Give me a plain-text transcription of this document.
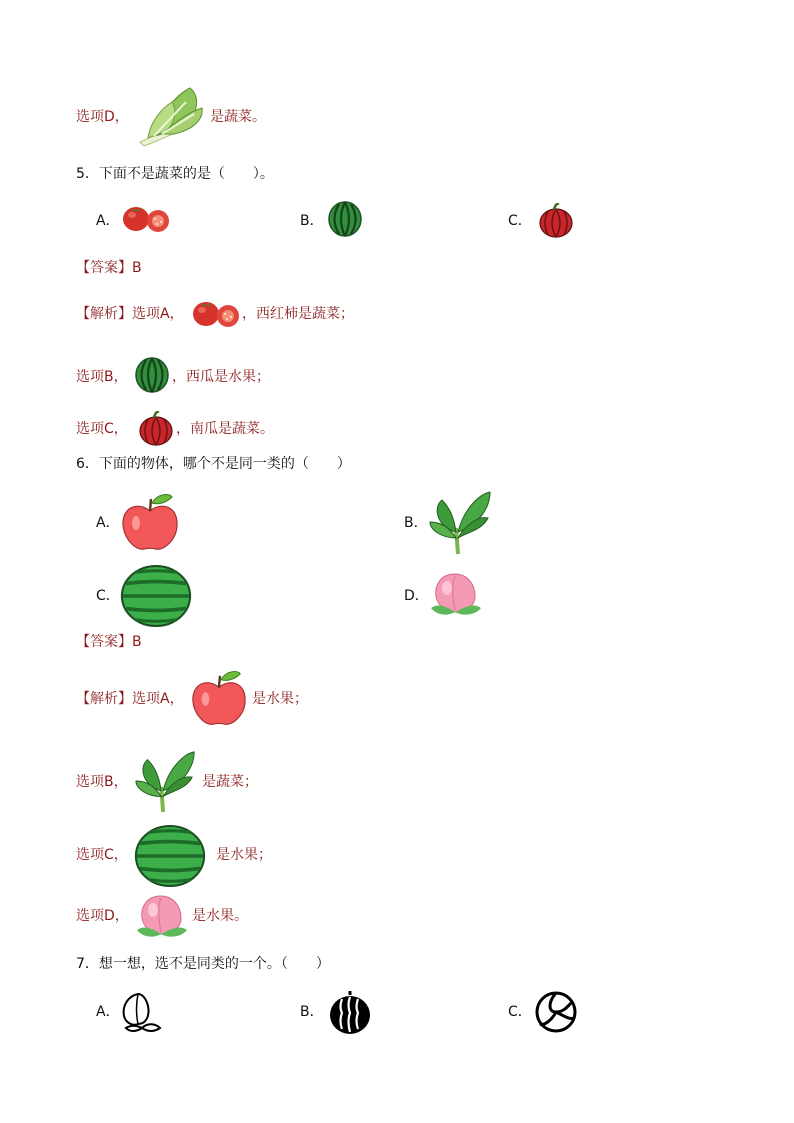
选项D，	是蔬菜。
5．下面不是蔬菜的是（　　）。
A．	B．	C．
【答案】B
【解析】选项A，	，西红柿是蔬菜；
选项B，	，西瓜是水果；
选项C，	，南瓜是蔬菜。
6．下面的物体，哪个不是同一类的（　　）
A．	B．
C．	D．
【答案】B
【解析】选项A，	是水果；
选项B，	是蔬菜；
选项C，	是水果；
选项D，	是水果。
7．想一想，选不是同类的一个。（　　）
A．	B．	C．
